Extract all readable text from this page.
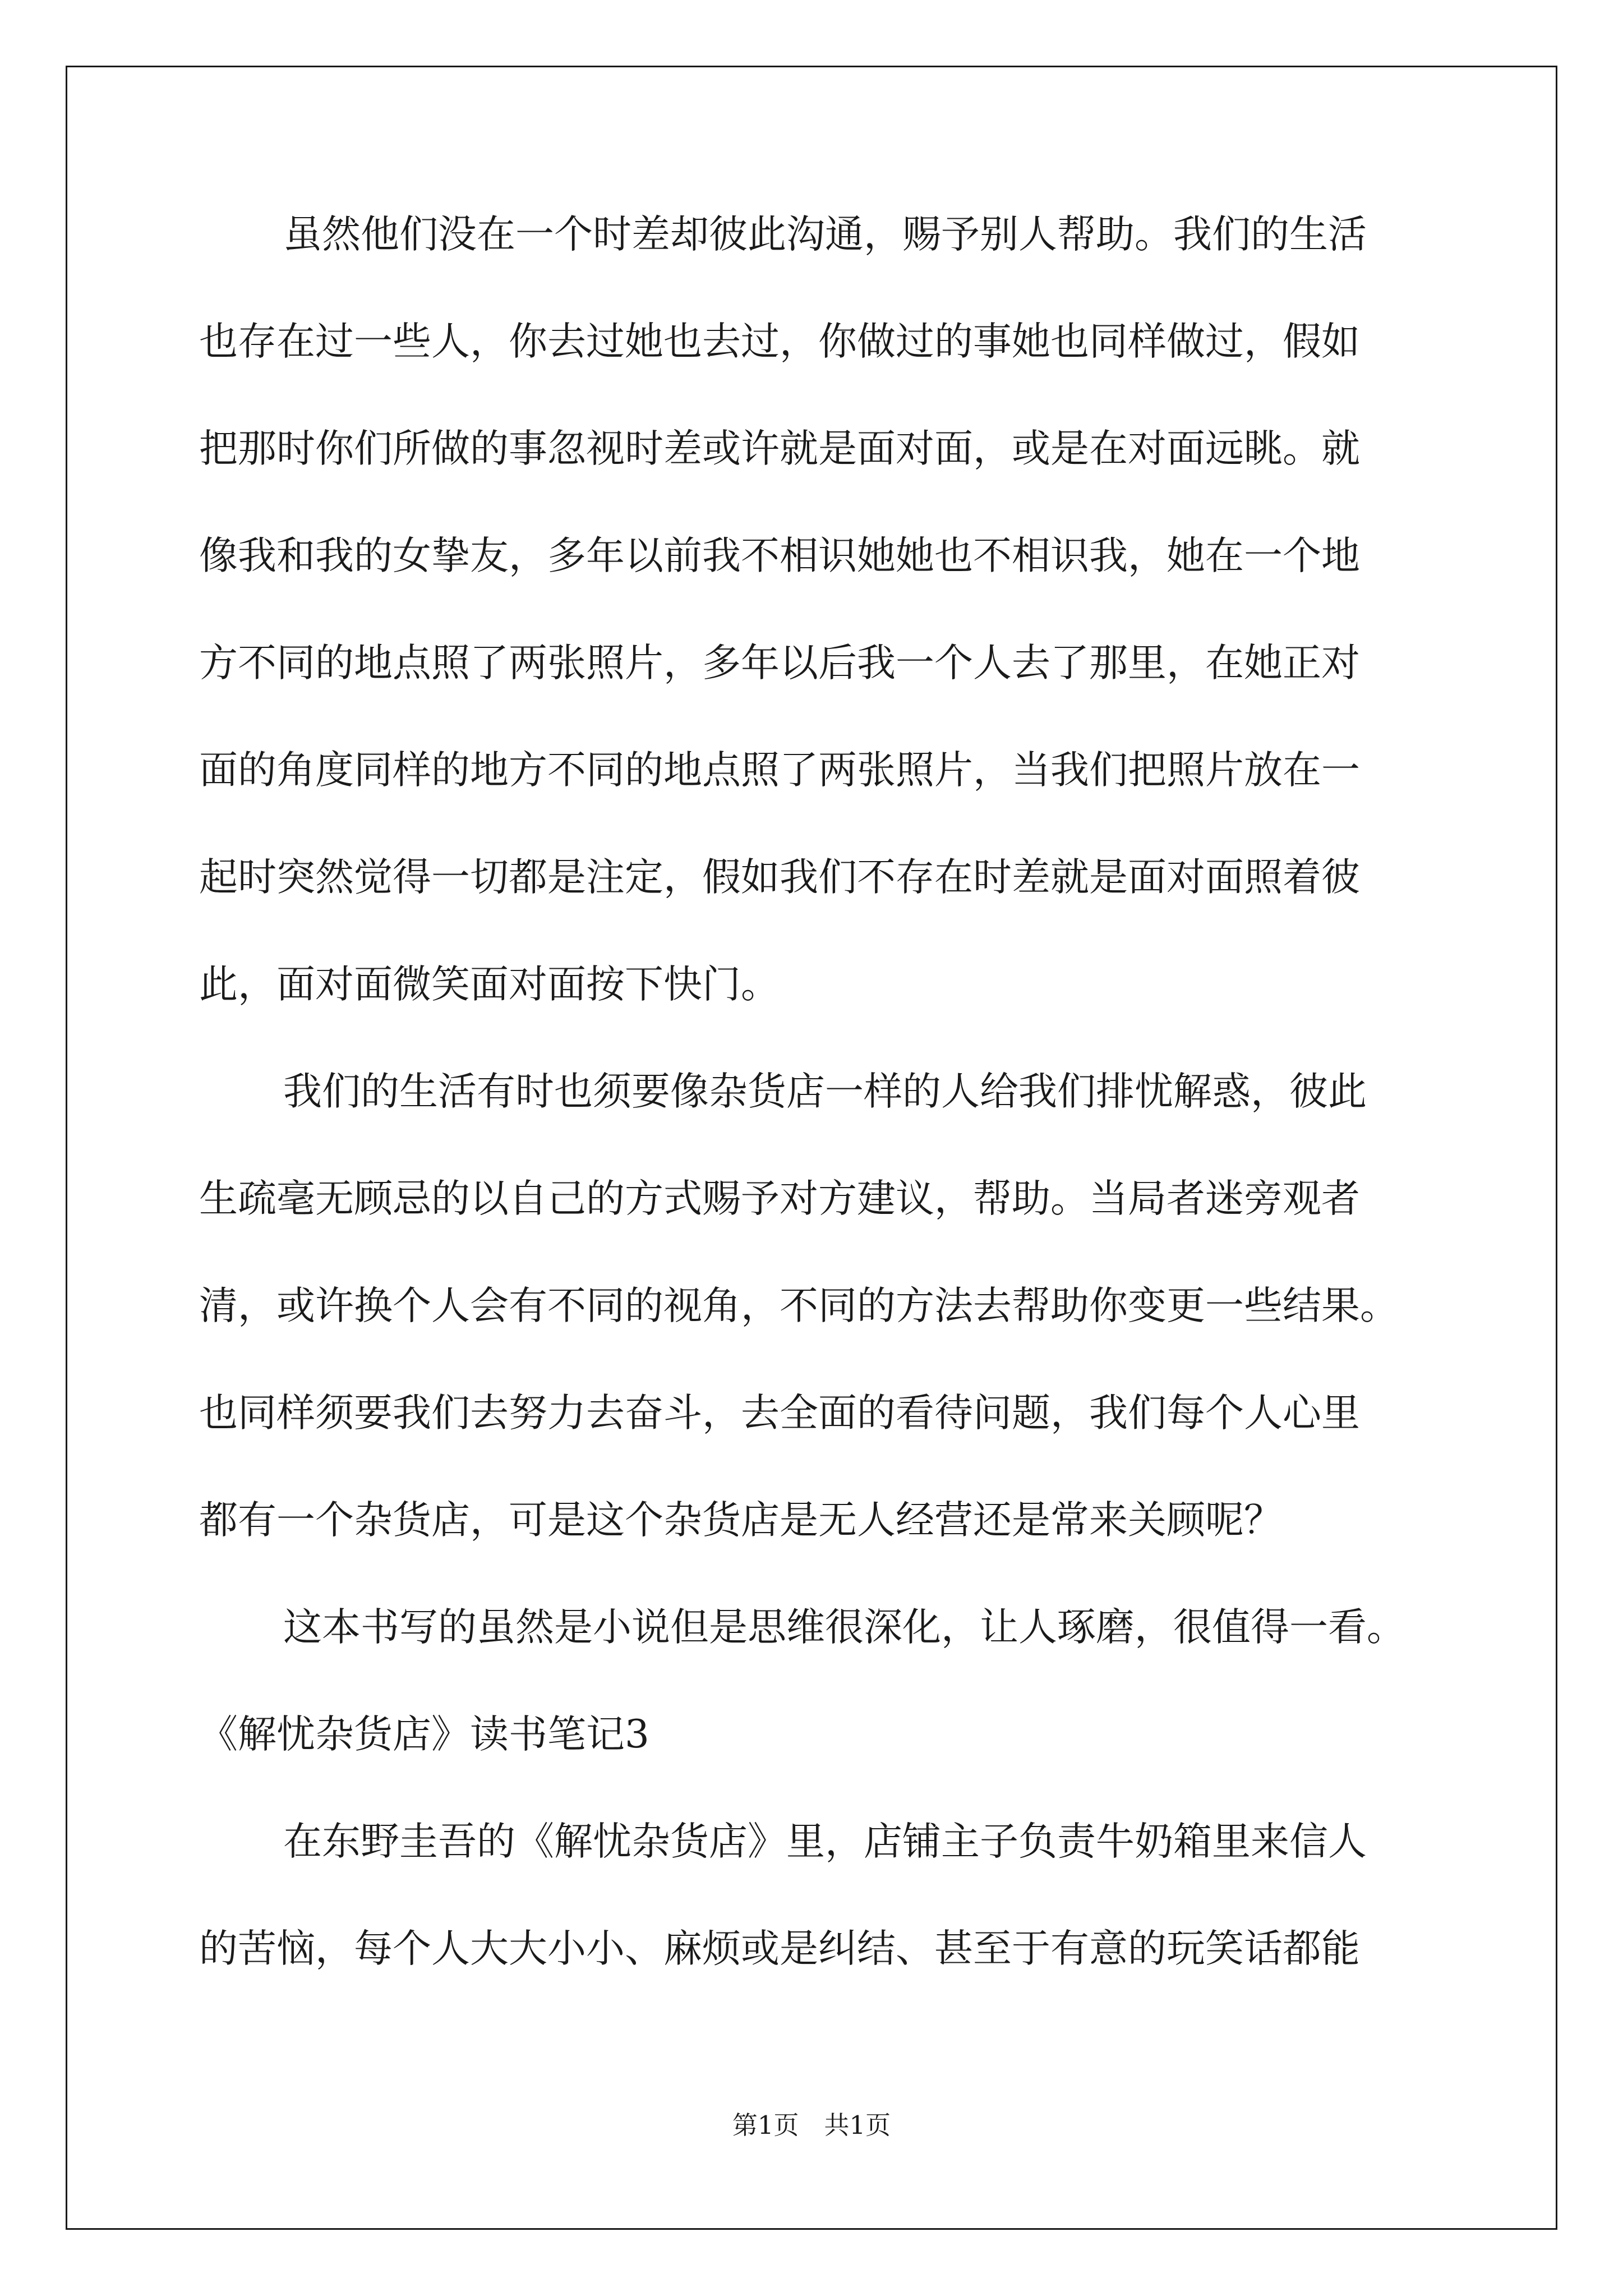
虽然他们没在一个时差却彼此沟通，赐予别人帮助。我们的生活
也存在过一些人，你去过她也去过，你做过的事她也同样做过，假如
把那时你们所做的事忽视时差或许就是面对面，或是在对面远眺。就
像我和我的女挚友，多年以前我不相识她她也不相识我，她在一个地
方不同的地点照了两张照片，多年以后我一个人去了那里，在她正对
面的角度同样的地方不同的地点照了两张照片，当我们把照片放在一
起时突然觉得一切都是注定，假如我们不存在时差就是面对面照着彼
此，面对面微笑面对面按下快门。
我们的生活有时也须要像杂货店一样的人给我们排忧解惑，彼此
生疏毫无顾忌的以自己的方式赐予对方建议，帮助。当局者迷旁观者
清，或许换个人会有不同的视角，不同的方法去帮助你变更一些结果。
也同样须要我们去努力去奋斗，去全面的看待问题，我们每个人心里
都有一个杂货店，可是这个杂货店是无人经营还是常来关顾呢？
这本书写的虽然是小说但是思维很深化，让人琢磨，很值得一看。
《解忧杂货店》读书笔记3
在东野圭吾的《解忧杂货店》里，店铺主子负责牛奶箱里来信人
的苦恼，每个人大大小小、麻烦或是纠结、甚至于有意的玩笑话都能
第1页　共1页
